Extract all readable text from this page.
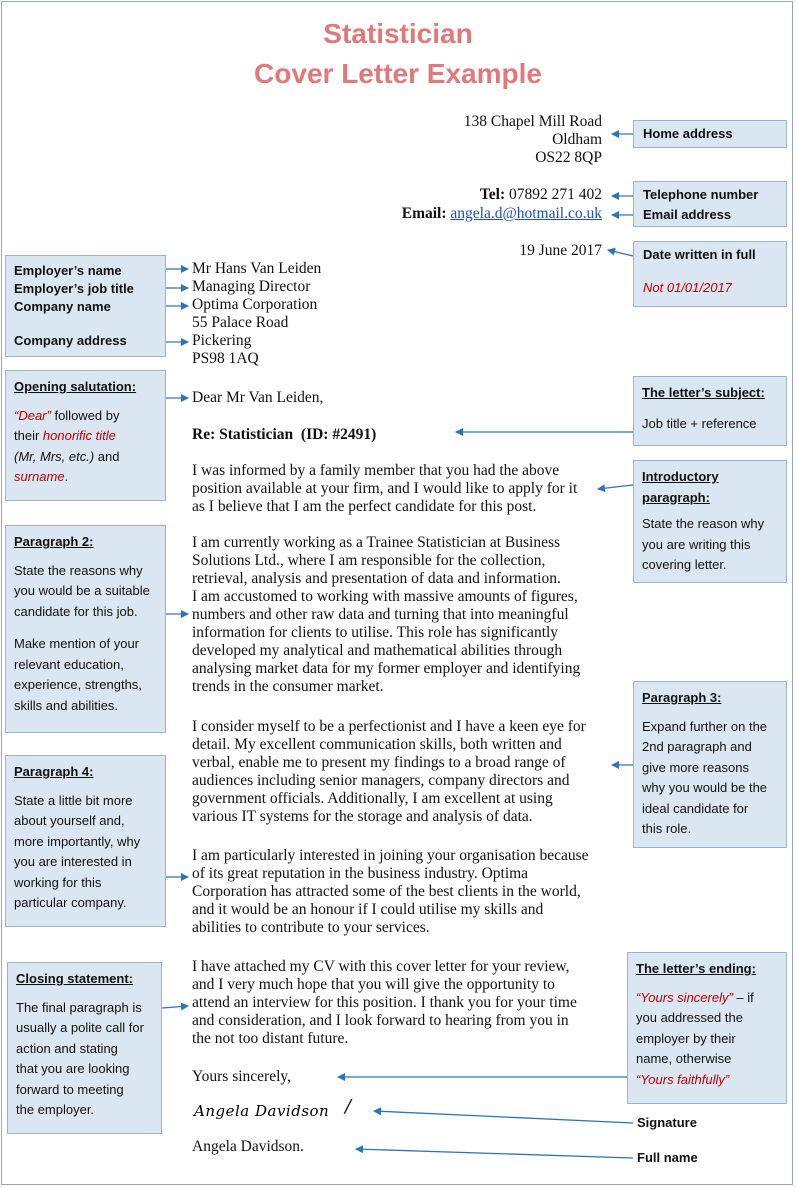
Statistician
Cover Letter Example
138 Chapel Mill Road
Oldham
OS22 8QP
Tel: 07892 271 402
Email: angela.d@hotmail.co.uk
19 June 2017
Mr Hans Van Leiden
Managing Director
Optima Corporation
55 Palace Road
Pickering
PS98 1AQ
Dear Mr Van Leiden,
Re: Statistician  (ID: #2491)
I was informed by a family member that you had the above
position available at your firm, and I would like to apply for it
as I believe that I am the perfect candidate for this post.
I am currently working as a Trainee Statistician at Business
Solutions Ltd., where I am responsible for the collection,
retrieval, analysis and presentation of data and information.
I am accustomed to working with massive amounts of figures,
numbers and other raw data and turning that into meaningful
information for clients to utilise. This role has significantly
developed my analytical and mathematical abilities through
analysing market data for my former employer and identifying
trends in the consumer market.
I consider myself to be a perfectionist and I have a keen eye for
detail. My excellent communication skills, both written and
verbal, enable me to present my findings to a broad range of
audiences including senior managers, company directors and
government officials. Additionally, I am excellent at using
various IT systems for the storage and analysis of data.
I am particularly interested in joining your organisation because
of its great reputation in the business industry. Optima
Corporation has attracted some of the best clients in the world,
and it would be an honour if I could utilise my skills and
abilities to contribute to your services.
I have attached my CV with this cover letter for your review,
and I very much hope that you will give the opportunity to
attend an interview for this position. I thank you for your time
and consideration, and I look forward to hearing from you in
the not too distant future.
Yours sincerely,
Angela Davidson /
Angela Davidson.
Home address
Telephone number
Email address
Date written in full
Not 01/01/2017
Employer’s name
Employer’s job title
Company name
Company address
Opening salutation:
“Dear” followed by
their honorific title
(Mr, Mrs, etc.) and
surname.
The letter’s subject:
Job title + reference
Introductory paragraph:
State the reason why
you are writing this
covering letter.
Paragraph 2:
State the reasons why
you would be a suitable
candidate for this job.
Make mention of your
relevant education,
experience, strengths,
skills and abilities.	Paragraph 3:
Expand further on the
2nd paragraph and
give more reasons
why you would be the
ideal candidate for
this role.
Paragraph 4:
State a little bit more
about yourself and,
more importantly, why
you are interested in
working for this
particular company.
Closing statement:
The final paragraph is
usually a polite call for
action and stating
that you are looking
forward to meeting
the employer.
The letter’s ending:
“Yours sincerely” – if
you addressed the
employer by their
name, otherwise
“Yours faithfully”
Signature
Full name
